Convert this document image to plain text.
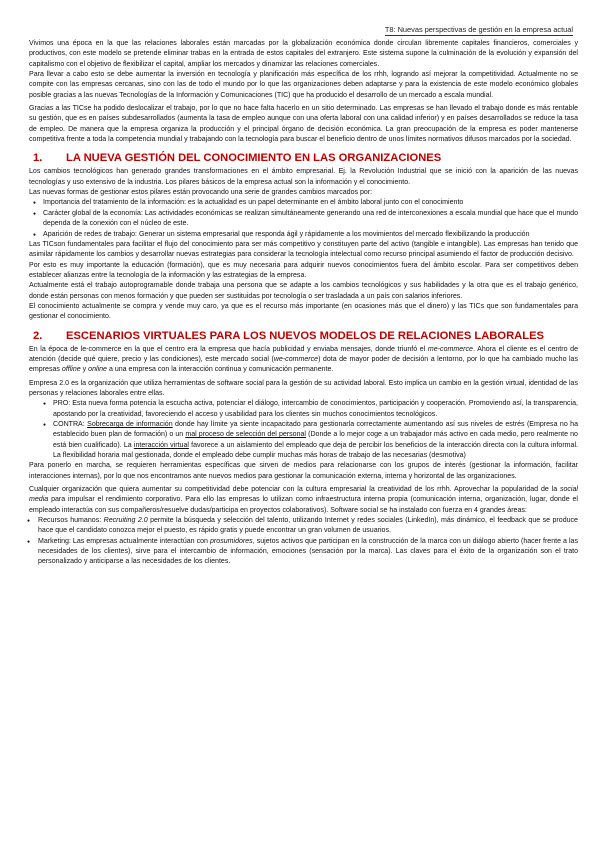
T8: Nuevas perspectivas de gestión en la empresa actual

Vivimos una época en la que las relaciones laborales están marcadas por la globalización económica donde circulan libremente capitales financieros, comerciales y productivos, con este modelo se pretende eliminar trabas en la entrada de estos capitales del extranjero. Este sistema supone la culminación de la evolución y expansión del capitalismo con el objetivo de flexibilizar el capital, ampliar los mercados y dinamizar las relaciones comerciales.

Para llevar a cabo esto se debe aumentar la inversión en tecnología y planificación más específica de los rrhh, logrando así mejorar la competitividad. Actualmente no se compite con las empresas cercanas, sino con las de todo el mundo por lo que las organizaciones deben adaptarse y para la existencia de este modelo económico globales posible gracias a las nuevas Tecnologías de la Información y Comunicaciones (TIC) que ha producido el desarrollo de un mercado a escala mundial.

Gracias a las TICse ha podido deslocalizar el trabajo, por lo que no hace falta hacerlo en un sitio determinado. Las empresas se han llevado el trabajo donde es más rentable su gestión, que es en países subdesarrollados (aumenta la tasa de empleo aunque con una oferta laboral con una calidad inferior) y en países desarrollados se reduce la tasa de empleo. De manera que la empresa organiza la producción y el principal órgano de decisión económica. La gran preocupación de la empresa es poder mantenerse competitiva frente a toda la competencia mundial y trabajando con la tecnología para buscar el beneficio dentro de unos límites normativos difusos marcados por la sociedad.

1.	LA NUEVA GESTIÓN DEL CONOCIMIENTO EN LAS ORGANIZACIONES

Los cambios tecnológicos han generado grandes transformaciones en el ámbito empresarial. Ej. la Revolución Industrial que se inició con la aparición de las nuevas tecnologías y uso extensivo de la industria. Los pilares básicos de la empresa actual son la información y el conocimiento.

Las nuevas formas de gestionar estos pilares están provocando una serie de grandes cambios marcados por:

● Importancia del tratamiento de la información: es la actualidad es un papel determinante en el ámbito laboral junto con el conocimiento
● Carácter global de la economía: Las actividades económicas se realizan simultáneamente generando una red de interconexiones a escala mundial que hace que el mundo dependa de la conexión con el núcleo de este.
● Aparición de redes de trabajo: Generar un sistema empresarial que responda ágil y rápidamente a los movimientos del mercado flexibilizando la producción

Las TICson fundamentales para facilitar el flujo del conocimiento para ser más competitivo y constituyen parte del activo (tangible e intangible). Las empresas han tenido que asimilar rápidamente los cambios y desarrollar nuevas estrategias para considerar la tecnología intelectual como recurso principal asumiendo el factor de producción decisivo.

Por esto es muy importante la educación (formación), que es muy necesaria para adquirir nuevos conocimientos fuera del ámbito escolar. Para ser competitivos deben establecer alianzas entre la tecnología de la información y las estrategias de la empresa.

Actualmente está el trabajo autoprogramable donde trabaja una persona que se adapte a los cambios tecnológicos y sus habilidades y la otra que es el trabajo genérico, donde están personas con menos formación y que pueden ser sustituidas por tecnología o ser trasladada a un país con salarios inferiores.

El conocimiento actualmente se compra y vende muy caro, ya que es el recurso más importante (en ocasiones más que el dinero) y las TICs que son fundamentales para gestionar el conocimiento.

2.	ESCENARIOS VIRTUALES PARA LOS NUEVOS MODELOS DE RELACIONES LABORALES

En la época de le-commerce en la que el centro era la empresa que hacía publicidad y enviaba mensajes, donde triunfó el me-commerce. Ahora el cliente es el centro de atención (decide qué quiere, precio y las condiciones), este mercado social (we-commerce) dota de mayor poder de decisión a lentorno, por lo que ha cambiado mucho las empresas offline y online a una empresa con la interacción continua y comunicación permanente.

Empresa 2.0 es la organización que utiliza herramientas de software social para la gestión de su actividad laboral. Esto implica un cambio en la gestión virtual, identidad de las personas y relaciones laborales entre ellas.

● PRO: Esta nueva forma potencia la escucha activa, potenciar el diálogo, intercambio de conocimientos, participación y cooperación. Promoviendo así, la transparencia, apostando por la creatividad, favoreciendo el acceso y usabilidad para los clientes sin muchos conocimientos tecnológicos.
● CONTRA: Sobrecarga de información donde hay límite ya siente incapacitado para gestionarla correctamente aumentando así sus niveles de estrés (Empresa no ha establecido buen plan de formación) o un mal proceso de selección del personal (Donde a lo mejor coge a un trabajador más activo en cada medio, pero realmente no está bien cualificado). La interacción virtual favorece a un aislamiento del empleado que deja de percibir los beneficios de la interacción directa con la cultura informal. La flexibilidad horaria mal gestionada, donde el empleado debe cumplir muchas más horas de trabajo de las necesarias (desmotiva)

Para ponerlo en marcha, se requieren herramientas específicas que sirven de medios para relacionarse con los grupos de interés (gestionar la información, facilitar interacciones internas), por lo que nos encontramos ante nuevos medios para gestionar la comunicación externa, interna y horizontal de las organizaciones.

Cualquier organización que quiera aumentar su competitividad debe potenciar con la cultura empresarial la creatividad de los rrhh. Aprovechar la popularidad de la social media para impulsar el rendimiento corporativo. Para ello las empresas lo utilizan como infraestructura interna propia (comunicación interna, organización, lugar, donde el empleado interactúa con sus compañeros/resuelve dudas/participa en proyectos colaborativos). Software social se ha instalado con fuerza en 4 grandes áreas:

● Recursos humanos: Recruiting 2.0 permite la búsqueda y selección del talento, utilizando Internet y redes sociales (LinkedIn), más dinámico, el feedback que se produce hace que el candidato conozca mejor el puesto, es rápido gratis y puede encontrar un gran volumen de usuarios.
● Marketing: Las empresas actualmente interactúan con prosumidores, sujetos activos que participan en la construcción de la marca con un diálogo abierto (hacer frente a las necesidades de los clientes), sirve para el intercambio de información, emociones (sensación por la marca). Las claves para el éxito de la organización son el trato personalizado y anticiparse a las necesidades de los clientes.
